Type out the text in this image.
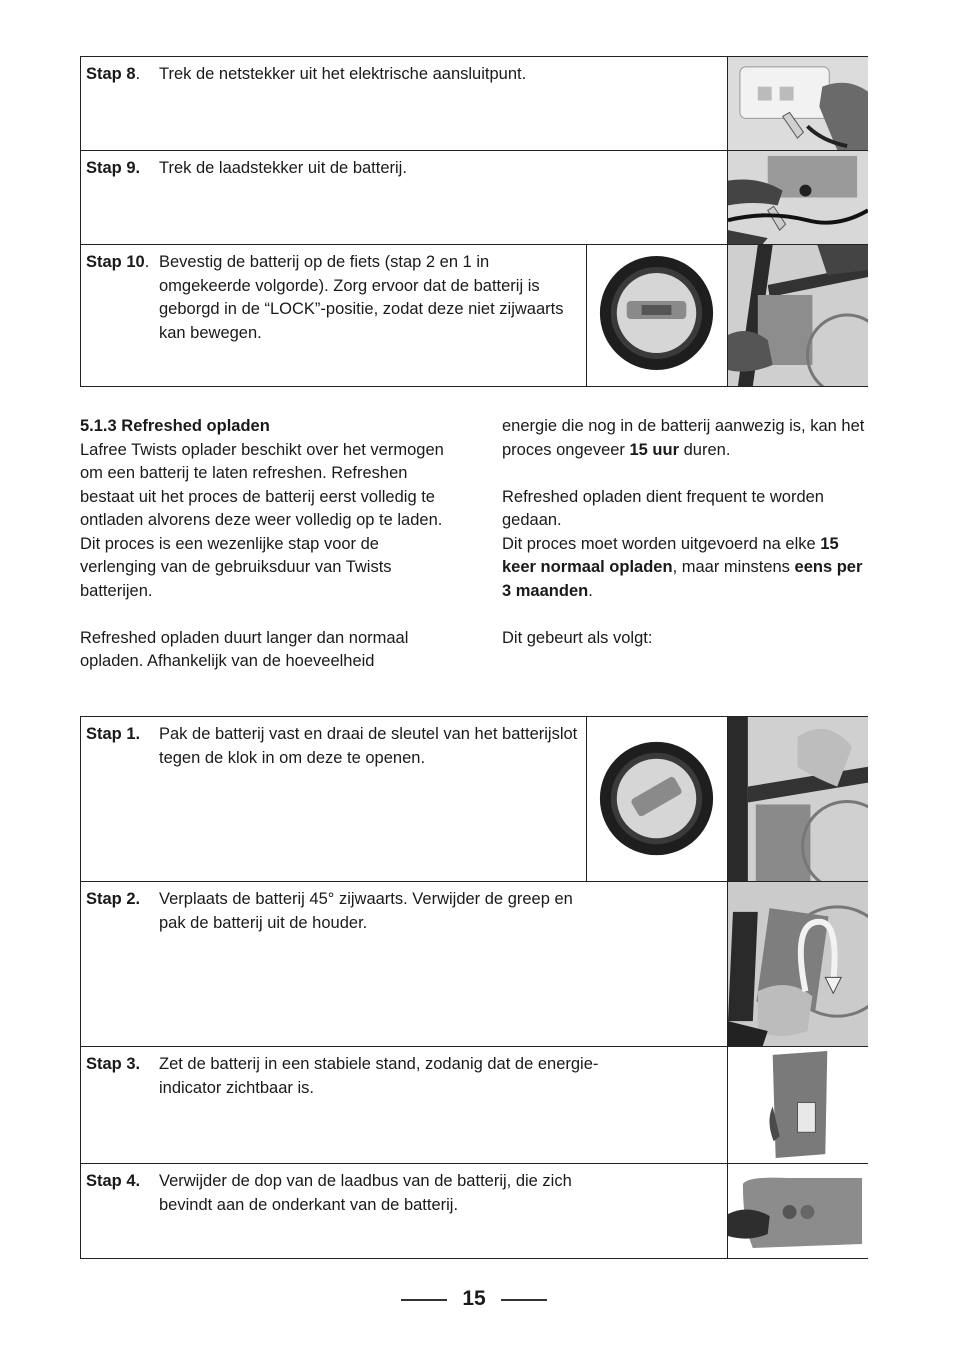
Stap 8. Trek de netstekker uit het elektrische aansluitpunt.
Stap 9. Trek de laadstekker uit de batterij.
Stap 10. Bevestig de batterij op de fiets (stap 2 en 1 in omgekeerde volgorde). Zorg ervoor dat de batterij is geborgd in de “LOCK”-positie, zodat deze niet zijwaarts kan bewegen.

5.1.3 Refreshed opladen
Lafree Twists oplader beschikt over het vermogen om een batterij te laten refreshen. Refreshen bestaat uit het proces de batterij eerst volledig te ontladen alvorens deze weer volledig op te laden. Dit proces is een wezenlijke stap voor de verlenging van de gebruiksduur van Twists batterijen.

Refreshed opladen duurt langer dan normaal opladen. Afhankelijk van de hoeveelheid

energie die nog in de batterij aanwezig is, kan het proces ongeveer 15 uur duren.

Refreshed opladen dient frequent te worden gedaan.
Dit proces moet worden uitgevoerd na elke 15 keer normaal opladen, maar minstens eens per 3 maanden.

Dit gebeurt als volgt:

Stap 1. Pak de batterij vast en draai de sleutel van het batterijslot tegen de klok in om deze te openen.
Stap 2. Verplaats de batterij 45° zijwaarts. Verwijder de greep en pak de batterij uit de houder.
Stap 3. Zet de batterij in een stabiele stand, zodanig dat de energie-indicator zichtbaar is.
Stap 4. Verwijder de dop van de laadbus van de batterij, die zich bevindt aan de onderkant van de batterij.
15
